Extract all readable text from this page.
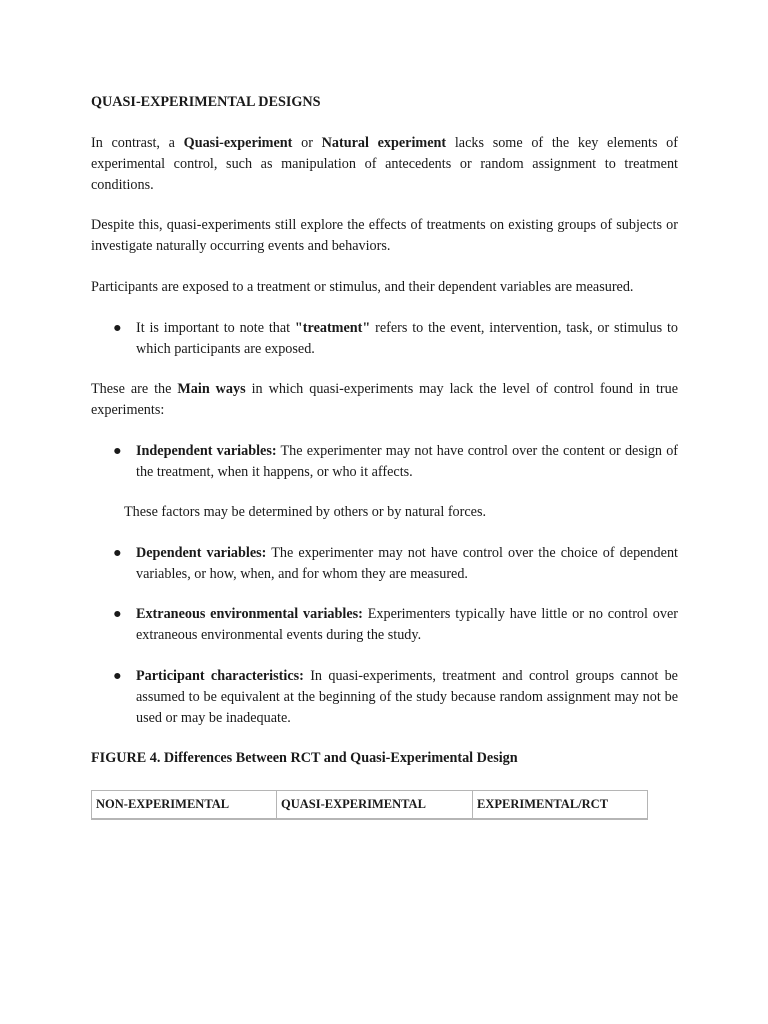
QUASI-EXPERIMENTAL DESIGNS

In contrast, a Quasi-experiment or Natural experiment lacks some of the key elements of experimental control, such as manipulation of antecedents or random assignment to treatment conditions.

Despite this, quasi-experiments still explore the effects of treatments on existing groups of subjects or investigate naturally occurring events and behaviors.

Participants are exposed to a treatment or stimulus, and their dependent variables are measured.

●	It is important to note that "treatment" refers to the event, intervention, task, or stimulus to which participants are exposed.

These are the Main ways in which quasi-experiments may lack the level of control found in true experiments:

●	Independent variables: The experimenter may not have control over the content or design of the treatment, when it happens, or who it affects.

These factors may be determined by others or by natural forces.

●	Dependent variables: The experimenter may not have control over the choice of dependent variables, or how, when, and for whom they are measured.

●	Extraneous environmental variables: Experimenters typically have little or no control over extraneous environmental events during the study.

●	Participant characteristics: In quasi-experiments, treatment and control groups cannot be assumed to be equivalent at the beginning of the study because random assignment may not be used or may be inadequate.

FIGURE 4. Differences Between RCT and Quasi-Experimental Design

NON-EXPERIMENTAL	QUASI-EXPERIMENTAL	EXPERIMENTAL/RCT
